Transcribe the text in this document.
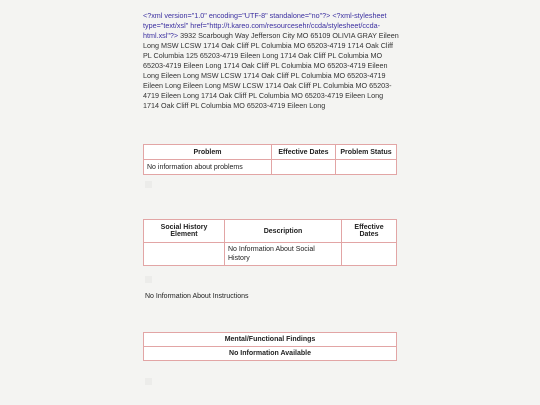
<?xml version="1.0" encoding="UTF-8" standalone="no"?> <?xml-stylesheet type="text/xsl" href="http://t.kareo.com/resourcesehr/ccda/stylesheet/ccda-html.xsl"?> 3932 Scarbough Way Jefferson City MO 65109 OLIVIA GRAY Eileen Long MSW LCSW 1714 Oak Cliff PL Columbia MO 65203-4719 1714 Oak Cliff PL Columbia 125 65203-4719 Eileen Long 1714 Oak Cliff PL Columbia MO 65203-4719 Eileen Long 1714 Oak Cliff PL Columbia MO 65203-4719 Eileen Long Eileen Long MSW LCSW 1714 Oak Cliff PL Columbia MO 65203-4719 Eileen Long Eileen Long MSW LCSW 1714 Oak Cliff PL Columbia MO 65203-4719 Eileen Long 1714 Oak Cliff PL Columbia MO 65203-4719 Eileen Long 1714 Oak Cliff PL Columbia MO 65203-4719 Eileen Long
Problem	Effective Dates	Problem Status
No information about problems		
Social History Element	Description	Effective Dates
	No Information About Social History	
No Information About Instructions
Mental/Functional Findings
No Information Available
